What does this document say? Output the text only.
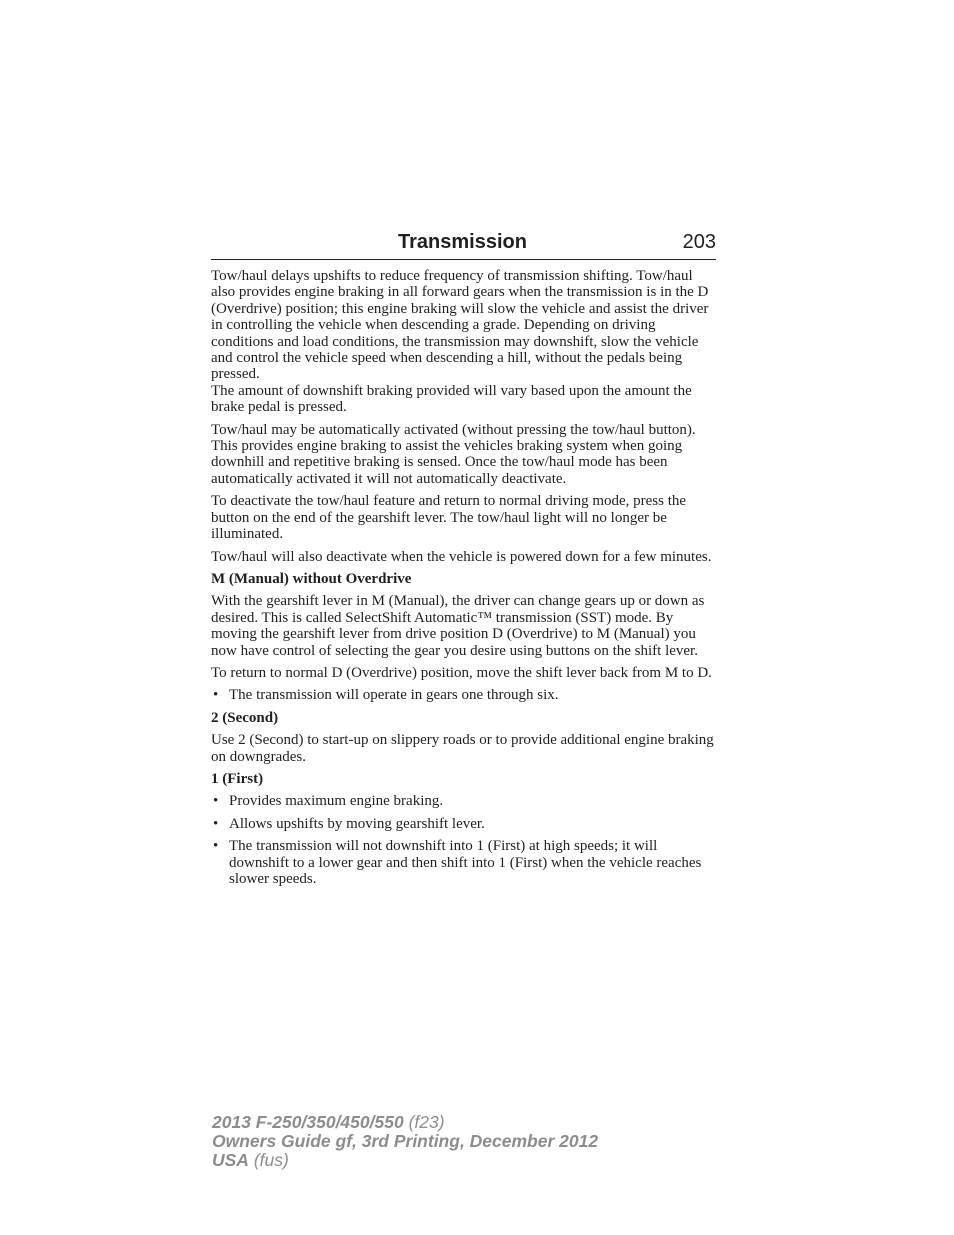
Transmission	203

Tow/haul delays upshifts to reduce frequency of transmission shifting. Tow/haul also provides engine braking in all forward gears when the transmission is in the D (Overdrive) position; this engine braking will slow the vehicle and assist the driver in controlling the vehicle when descending a grade. Depending on driving conditions and load conditions, the transmission may downshift, slow the vehicle and control the vehicle speed when descending a hill, without the pedals being pressed.

The amount of downshift braking provided will vary based upon the amount the brake pedal is pressed.

Tow/haul may be automatically activated (without pressing the tow/haul button). This provides engine braking to assist the vehicles braking system when going downhill and repetitive braking is sensed. Once the tow/haul mode has been automatically activated it will not automatically deactivate.

To deactivate the tow/haul feature and return to normal driving mode, press the button on the end of the gearshift lever. The tow/haul light will no longer be illuminated.

Tow/haul will also deactivate when the vehicle is powered down for a few minutes.

M (Manual) without Overdrive

With the gearshift lever in M (Manual), the driver can change gears up or down as desired. This is called SelectShift Automatic™ transmission (SST) mode. By moving the gearshift lever from drive position D (Overdrive) to M (Manual) you now have control of selecting the gear you desire using buttons on the shift lever.

To return to normal D (Overdrive) position, move the shift lever back from M to D.

• The transmission will operate in gears one through six.
2 (Second)

Use 2 (Second) to start-up on slippery roads or to provide additional engine braking on downgrades.

1 (First)
• Provides maximum engine braking.
• Allows upshifts by moving gearshift lever.
• The transmission will not downshift into 1 (First) at high speeds; it will downshift to a lower gear and then shift into 1 (First) when the vehicle reaches slower speeds.
2013 F-250/350/450/550 (f23)
Owners Guide gf, 3rd Printing, December 2012
USA (fus)
